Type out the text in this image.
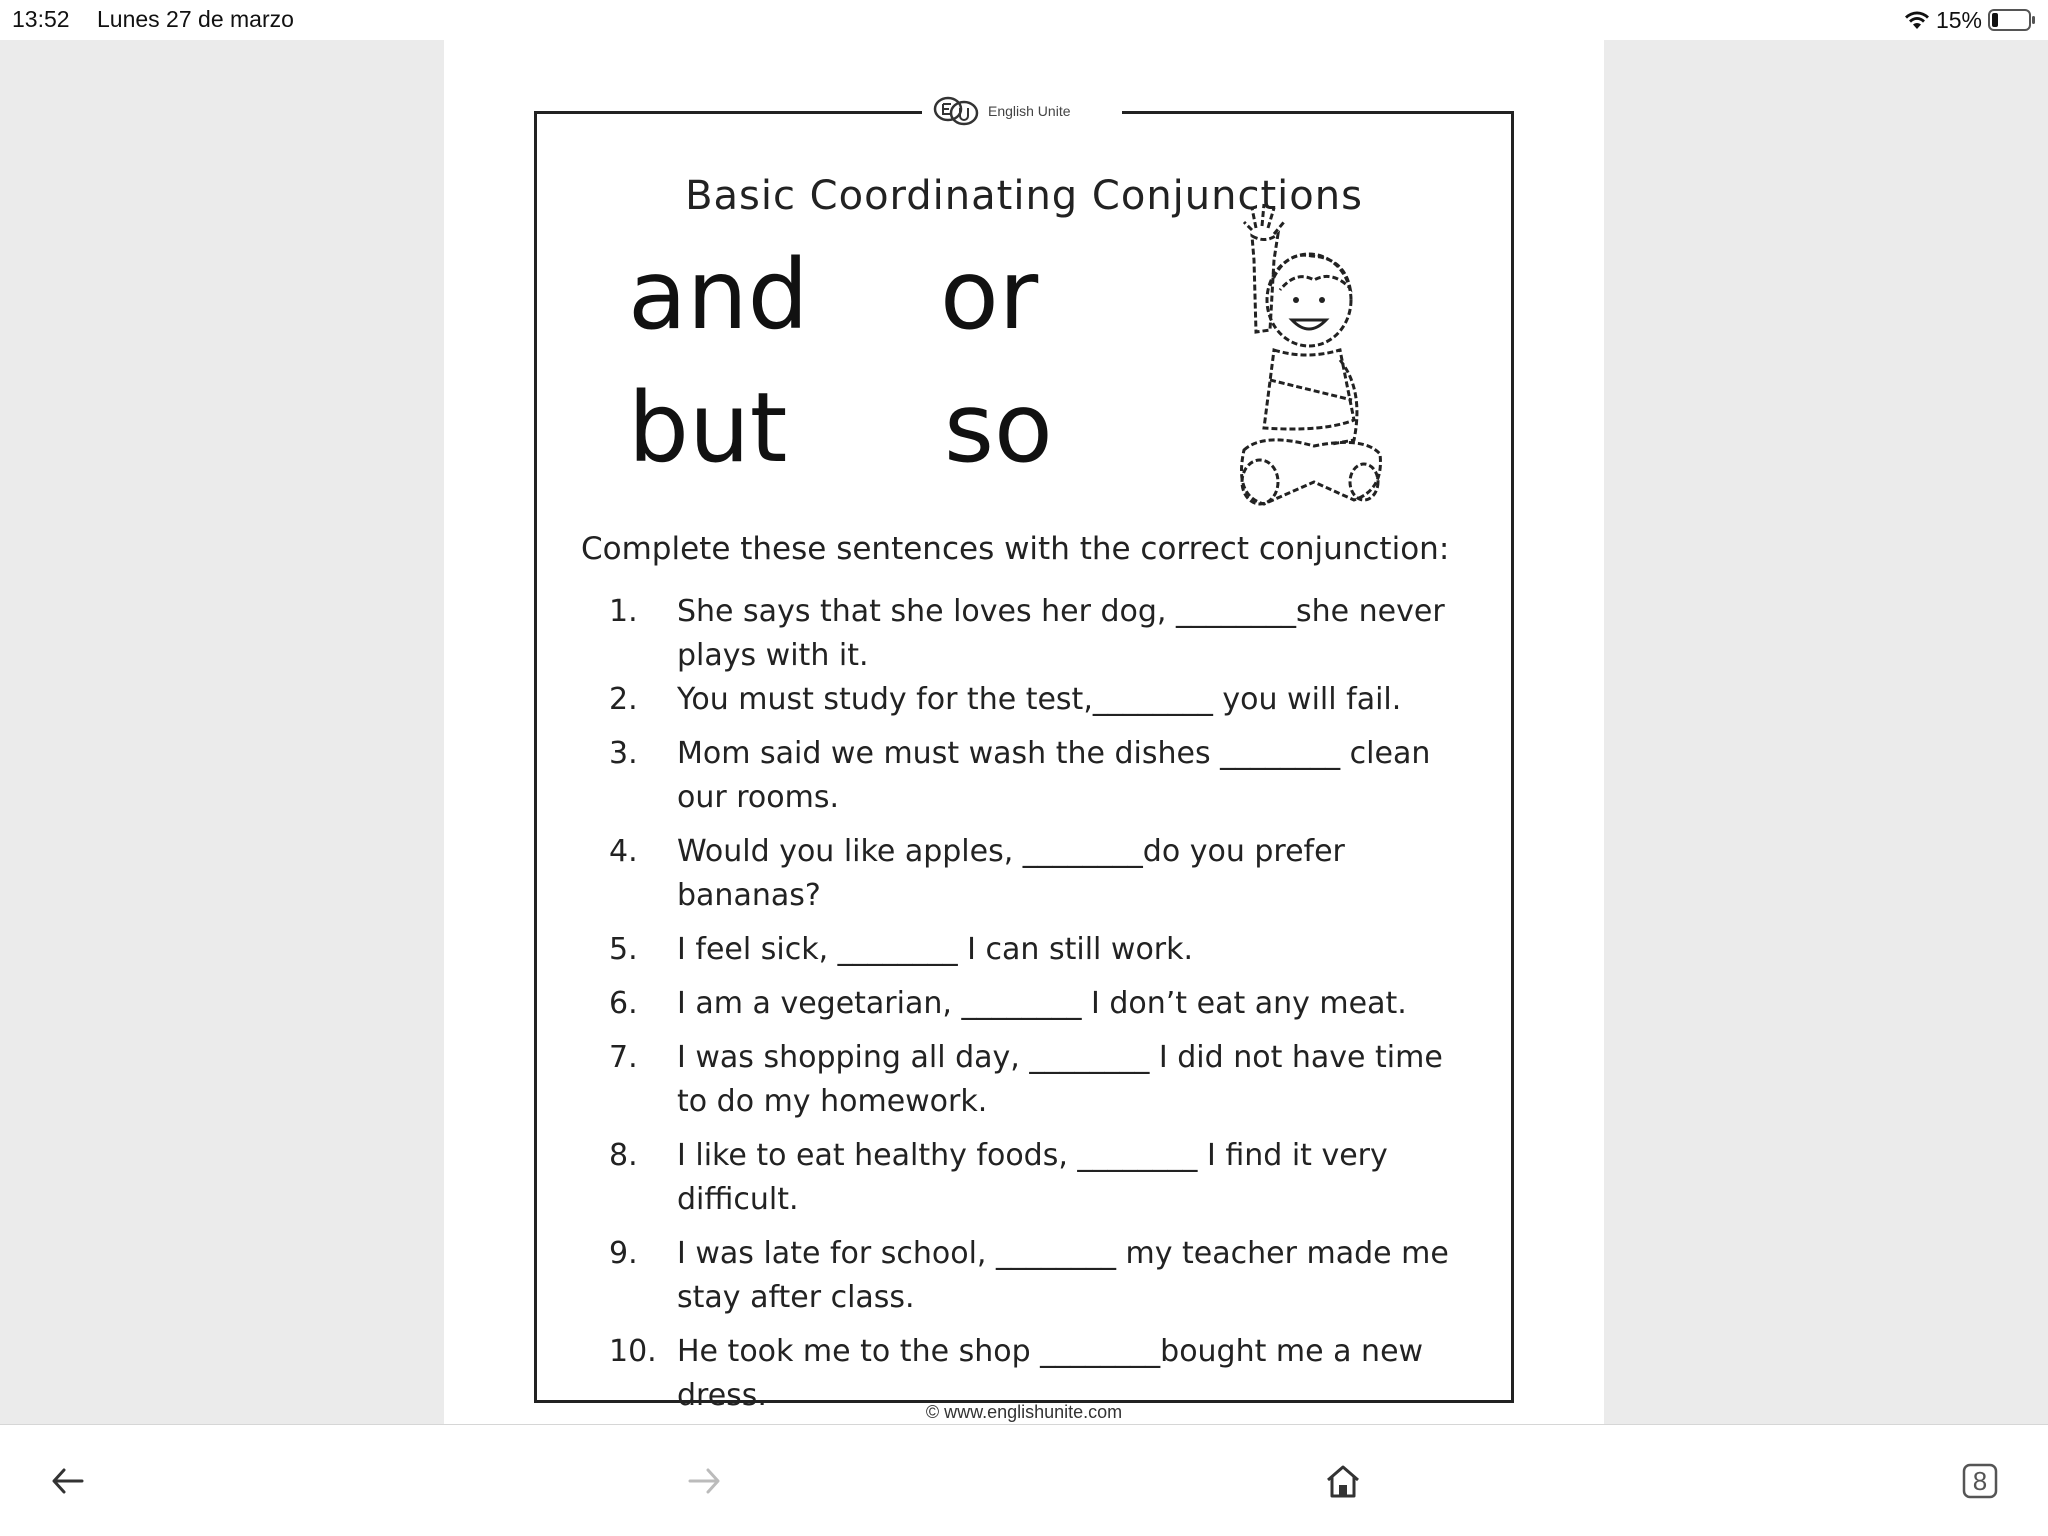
13:52 Lunes 27 de marzo	15%
English Unite
Basic Coordinating Conjunctions
and or
but so
Complete these sentences with the correct conjunction:
1.	She says that she loves her dog, ________she never plays with it.
2.	You must study for the test,________ you will fail.
3.	Mom said we must wash the dishes ________ clean our rooms.
4.	Would you like apples, ________do you prefer bananas?
5.	I feel sick, ________ I can still work.
6.	I am a vegetarian, ________ I don’t eat any meat.
7.	I was shopping all day, ________ I did not have time to do my homework.
8.	I like to eat healthy foods, ________ I find it very difficult.
9.	I was late for school, ________ my teacher made me stay after class.
10. He took me to the shop ________bought me a new dress.	© www.englishunite.com
8
